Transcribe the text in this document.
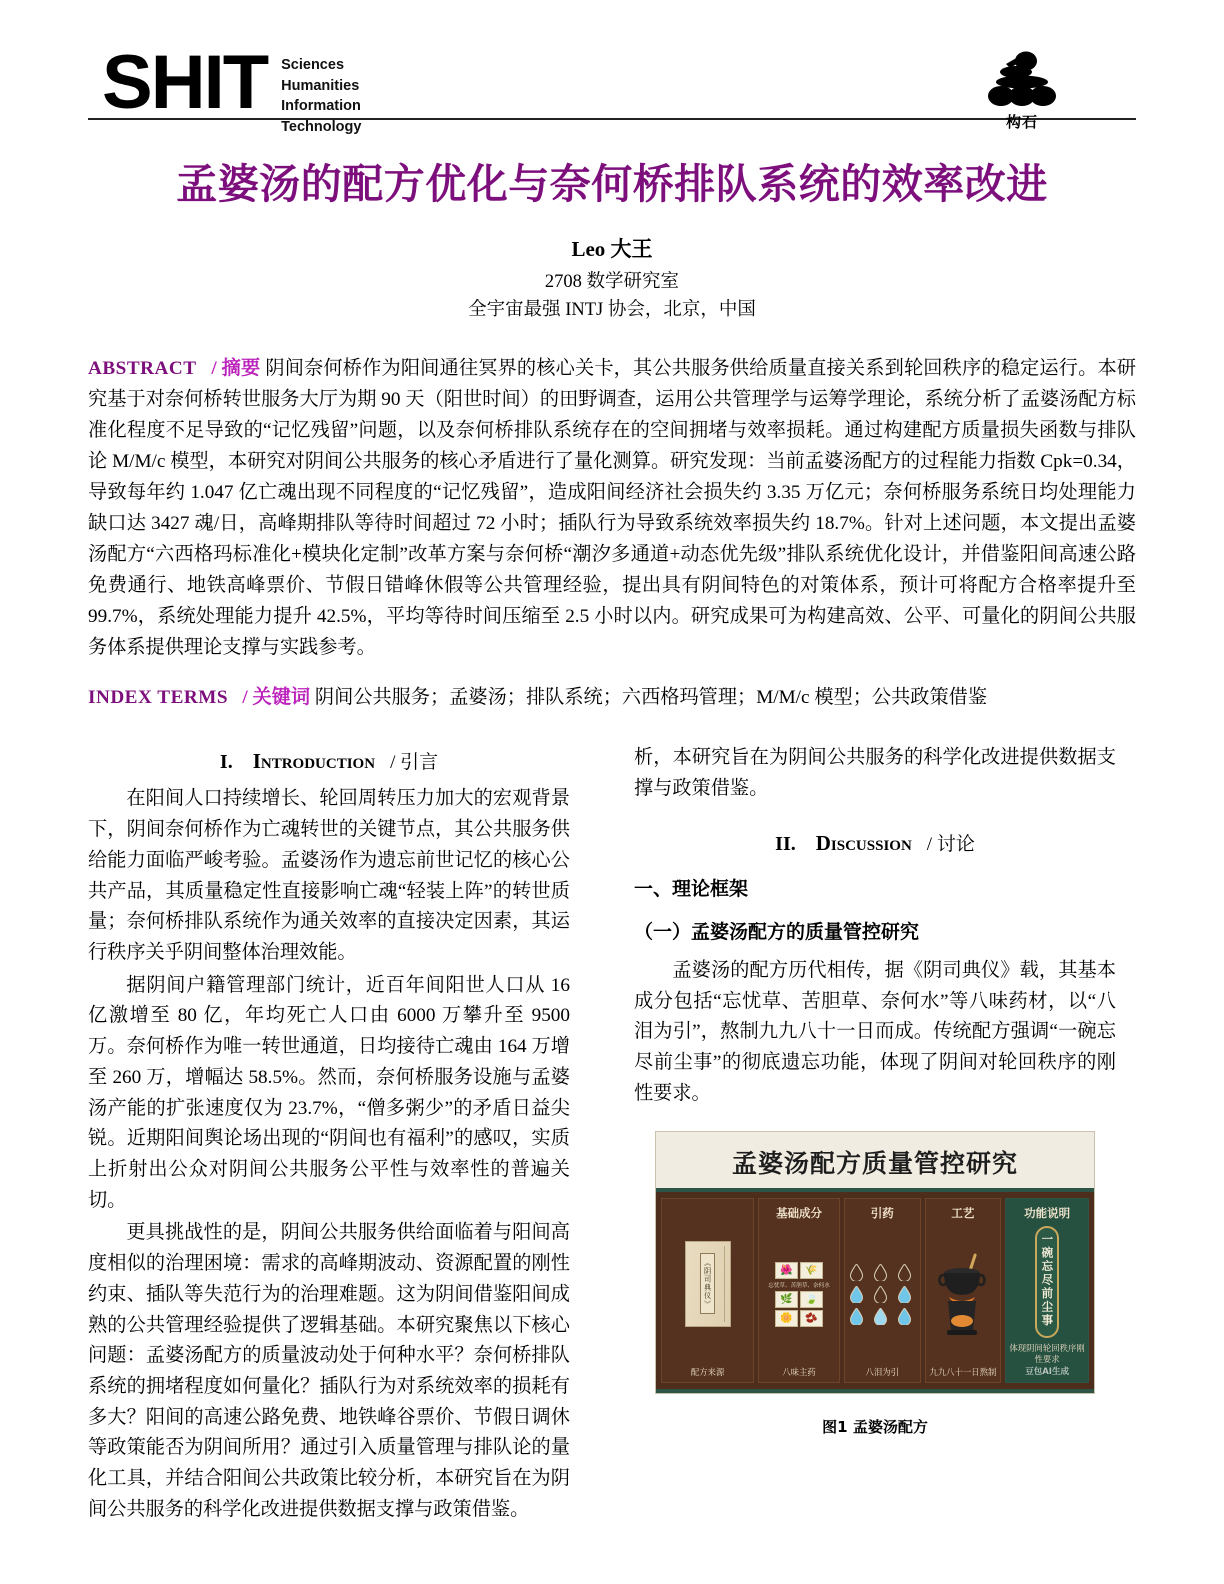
SHIT Sciences
Humanities
Information
Technology	构石
孟婆汤的配方优化与奈何桥排队系统的效率改进
Leo 大王
2708 数学研究室
全宇宙最强 INTJ 协会，北京，中国

ABSTRACT / 摘要 阴间奈何桥作为阳间通往冥界的核心关卡，其公共服务供给质量直接关系到轮回秩序的稳定运行。本研究基于对奈何桥转世服务大厅为期 90 天（阳世时间）的田野调查，运用公共管理学与运筹学理论，系统分析了孟婆汤配方标准化程度不足导致的“记忆残留”问题，以及奈何桥排队系统存在的空间拥堵与效率损耗。通过构建配方质量损失函数与排队论 M/M/c 模型，本研究对阴间公共服务的核心矛盾进行了量化测算。研究发现：当前孟婆汤配方的过程能力指数 Cpk=0.34，导致每年约 1.047 亿亡魂出现不同程度的“记忆残留”，造成阳间经济社会损失约 3.35 万亿元；奈何桥服务系统日均处理能力缺口达 3427 魂/日，高峰期排队等待时间超过 72 小时；插队行为导致系统效率损失约 18.7%。针对上述问题，本文提出孟婆汤配方“六西格玛标准化+模块化定制”改革方案与奈何桥“潮汐多通道+动态优先级”排队系统优化设计，并借鉴阳间高速公路免费通行、地铁高峰票价、节假日错峰休假等公共管理经验，提出具有阴间特色的对策体系，预计可将配方合格率提升至 99.7%，系统处理能力提升 42.5%，平均等待时间压缩至 2.5 小时以内。研究成果可为构建高效、公平、可量化的阴间公共服务体系提供理论支撑与实践参考。

INDEX TERMS / 关键词 阴间公共服务；孟婆汤；排队系统；六西格玛管理；M/M/c 模型；公共政策借鉴

I. Introduction / 引言

在阳间人口持续增长、轮回周转压力加大的宏观背景下，阴间奈何桥作为亡魂转世的关键节点，其公共服务供给能力面临严峻考验。孟婆汤作为遗忘前世记忆的核心公共产品，其质量稳定性直接影响亡魂“轻装上阵”的转世质量；奈何桥排队系统作为通关效率的直接决定因素，其运行秩序关乎阴间整体治理效能。

据阴间户籍管理部门统计，近百年间阳世人口从 16 亿激增至 80 亿，年均死亡人口由 6000 万攀升至 9500 万。奈何桥作为唯一转世通道，日均接待亡魂由 164 万增至 260 万，增幅达 58.5%。然而，奈何桥服务设施与孟婆汤产能的扩张速度仅为 23.7%，“僧多粥少”的矛盾日益尖锐。近期阳间舆论场出现的“阴间也有福利”的感叹，实质上折射出公众对阴间公共服务公平性与效率性的普遍关切。

更具挑战性的是，阴间公共服务供给面临着与阳间高度相似的治理困境：需求的高峰期波动、资源配置的刚性约束、插队等失范行为的治理难题。这为阴间借鉴阳间成熟的公共管理经验提供了逻辑基础。本研究聚焦以下核心问题：孟婆汤配方的质量波动处于何种水平？奈何桥排队系统的拥堵程度如何量化？插队行为对系统效率的损耗有多大？阳间的高速公路免费、地铁峰谷票价、节假日调休等政策能否为阴间所用？通过引入质量管理与排队论的量化工具，并结合阳间公共政策比较分析，本研究旨在为阴间公共服务的科学化改进提供数据支撑与政策借鉴。

析，本研究旨在为阴间公共服务的科学化改进提供数据支撑与政策借鉴。

II. Discussion / 讨论
一、理论框架
（一）孟婆汤配方的质量管控研究

孟婆汤的配方历代相传，据《阴司典仪》载，其基本成分包括“忘忧草、苦胆草、奈何水”等八味药材，以“八泪为引”，熬制九九八十一日而成。传统配方强调“一碗忘尽前尘事”的彻底遗忘功能，体现了阴间对轮回秩序的刚性要求。

孟婆汤配方质量管控研究
《阴司典仪》
配方来源
基础成分
🌺	🌾
忘忧草、苦胆草、奈何水
🌿	🍃
🌼	🫘
八味主药
引药
八泪为引
工艺
九九八十一日熬制
功能说明
一碗忘尽前尘事
体现阴间轮回秩序刚性要求
豆包AI生成
图1 孟婆汤配方
